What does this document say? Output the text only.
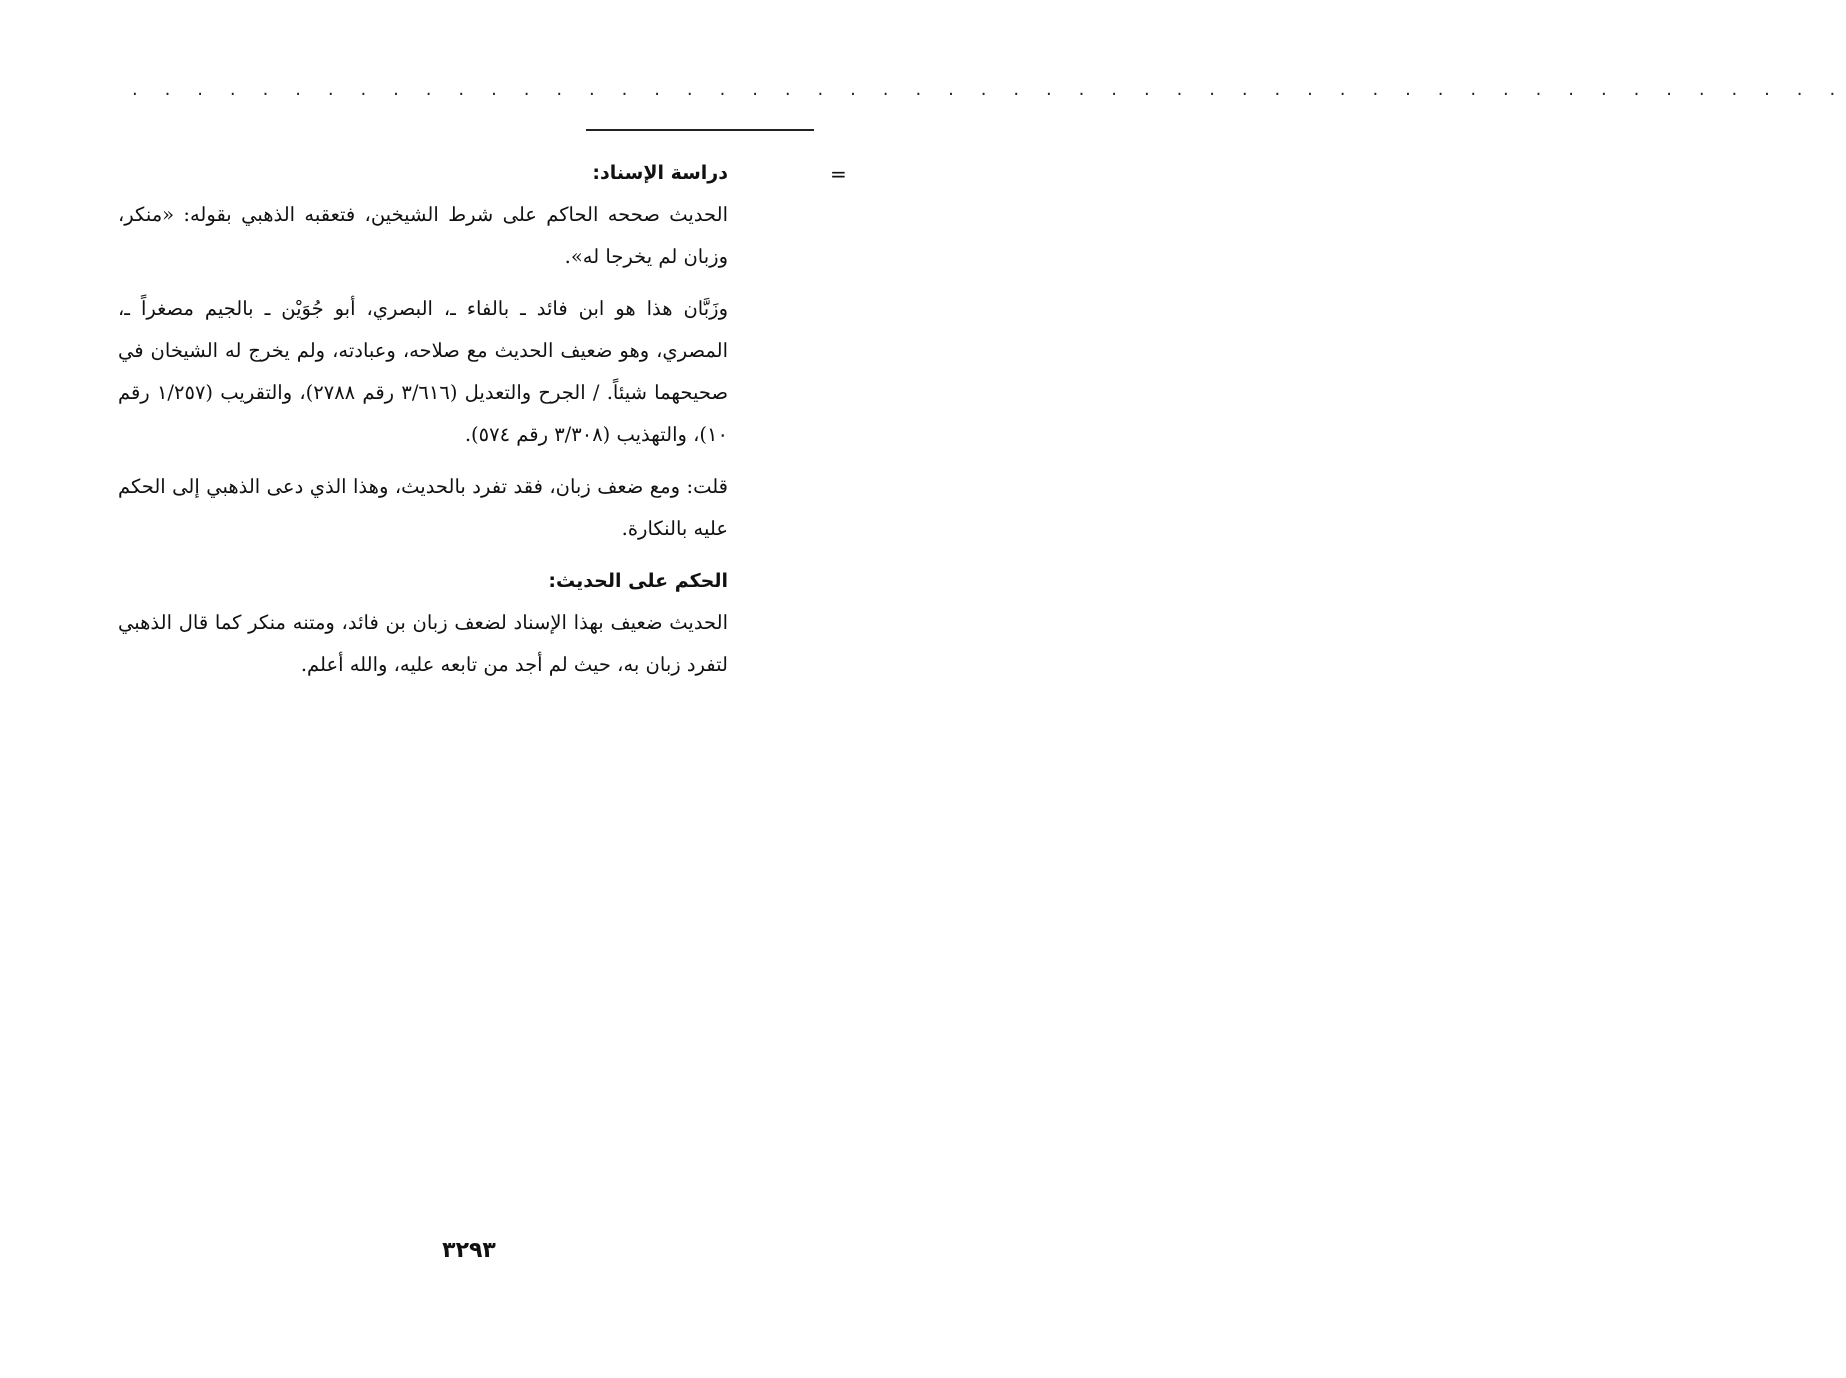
. . . . . . . . . . . . . . . . . . . . . . . . . . . . . . . . . . . . . . . . . . . . . . . . . . . . .
=

دراسة الإسناد:

الحديث صححه الحاكم على شرط الشيخين، فتعقبه الذهبي بقوله: «منكر، وزبان لم يخرجا له».

وزَبَّان هذا هو ابن فائد ـ بالفاء ـ، البصري، أبو جُوَيْن ـ بالجيم مصغراً ـ، المصري، وهو ضعيف الحديث مع صلاحه، وعبادته، ولم يخرج له الشيخان في صحيحهما شيئاً. / الجرح والتعديل (٣/٦١٦ رقم ٢٧٨٨)، والتقريب (١/٢٥٧ رقم ١٠)، والتهذيب (٣/٣٠٨ رقم ٥٧٤).

قلت: ومع ضعف زبان، فقد تفرد بالحديث، وهذا الذي دعى الذهبي إلى الحكم عليه بالنكارة.

الحكم على الحديث:

الحديث ضعيف بهذا الإسناد لضعف زبان بن فائد، ومتنه منكر كما قال الذهبي لتفرد زبان به، حيث لم أجد من تابعه عليه، والله أعلم.

٣٢٩٣
